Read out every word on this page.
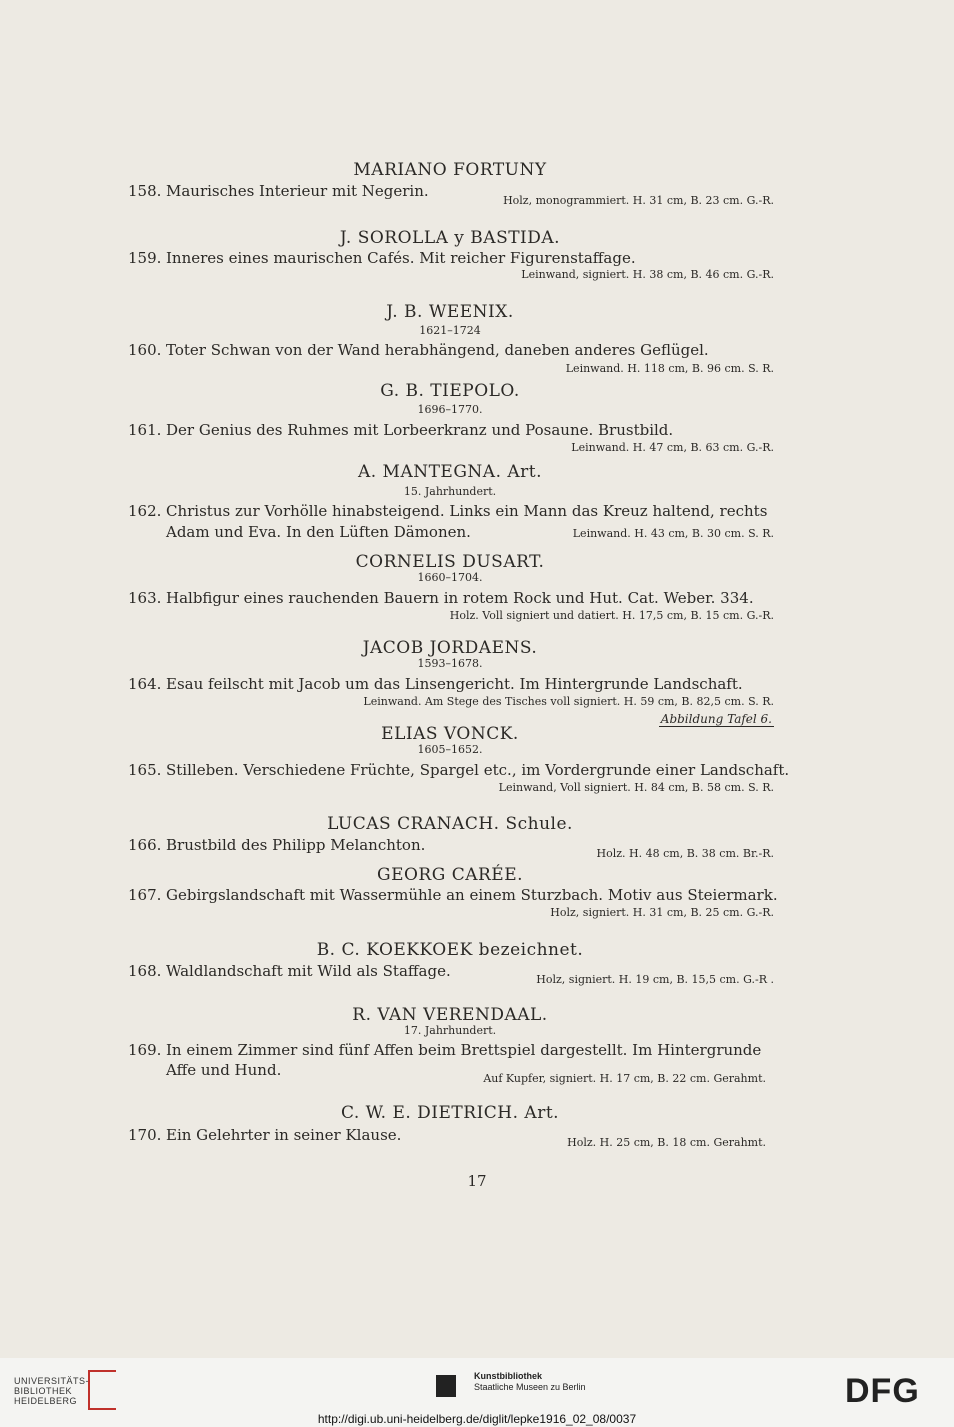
MARIANO FORTUNY
158. Maurisches Interieur mit Negerin.
Holz, monogrammiert. H. 31 cm, B. 23 cm. G.-R.
J. SOROLLA y BASTIDA.
159. Inneres eines maurischen Cafés. Mit reicher Figurenstaffage.
Leinwand, signiert. H. 38 cm, B. 46 cm. G.-R.
J. B. WEENIX.
1621–1724
160. Toter Schwan von der Wand herabhängend, daneben anderes Geflügel.
Leinwand. H. 118 cm, B. 96 cm. S. R.
G. B. TIEPOLO.
1696–1770.
161. Der Genius des Ruhmes mit Lorbeerkranz und Posaune. Brustbild.
Leinwand. H. 47 cm, B. 63 cm. G.-R.
A. MANTEGNA. Art.
15. Jahrhundert.
162. Christus zur Vorhölle hinabsteigend. Links ein Mann das Kreuz haltend, rechts
Adam und Eva. In den Lüften Dämonen.	Leinwand. H. 43 cm, B. 30 cm. S. R.
CORNELIS DUSART.
1660–1704.
163. Halbfigur eines rauchenden Bauern in rotem Rock und Hut. Cat. Weber. 334.
Holz. Voll signiert und datiert. H. 17,5 cm, B. 15 cm. G.-R.
JACOB JORDAENS.
1593–1678.
164. Esau feilscht mit Jacob um das Linsengericht. Im Hintergrunde Landschaft.
Leinwand. Am Stege des Tisches voll signiert. H. 59 cm, B. 82,5 cm. S. R.
Abbildung Tafel 6.
ELIAS VONCK.
1605–1652.
165. Stilleben. Verschiedene Früchte, Spargel etc., im Vordergrunde einer Landschaft.
Leinwand, Voll signiert. H. 84 cm, B. 58 cm. S. R.
LUCAS CRANACH. Schule.
166. Brustbild des Philipp Melanchton.	Holz. H. 48 cm, B. 38 cm. Br.-R.
GEORG CARÉE.
167. Gebirgslandschaft mit Wassermühle an einem Sturzbach. Motiv aus Steiermark.
Holz, signiert. H. 31 cm, B. 25 cm. G.-R.
B. C. KOEKKOEK bezeichnet.
168. Waldlandschaft mit Wild als Staffage.	Holz, signiert. H. 19 cm, B. 15,5 cm. G.-R .
R. VAN VERENDAAL.
17. Jahrhundert.
169. In einem Zimmer sind fünf Affen beim Brettspiel dargestellt. Im Hintergrunde
Affe und Hund.	Auf Kupfer, signiert. H. 17 cm, B. 22 cm. Gerahmt.
C. W. E. DIETRICH. Art.
170. Ein Gelehrter in seiner Klause.	Holz. H. 25 cm, B. 18 cm. Gerahmt.
17
UNIVERSITÄTS-
BIBLIOTHEK
HEIDELBERG
Kunstbibliothek
Staatliche Museen zu Berlin	DFG
http://digi.ub.uni-heidelberg.de/diglit/lepke1916_02_08/0037
